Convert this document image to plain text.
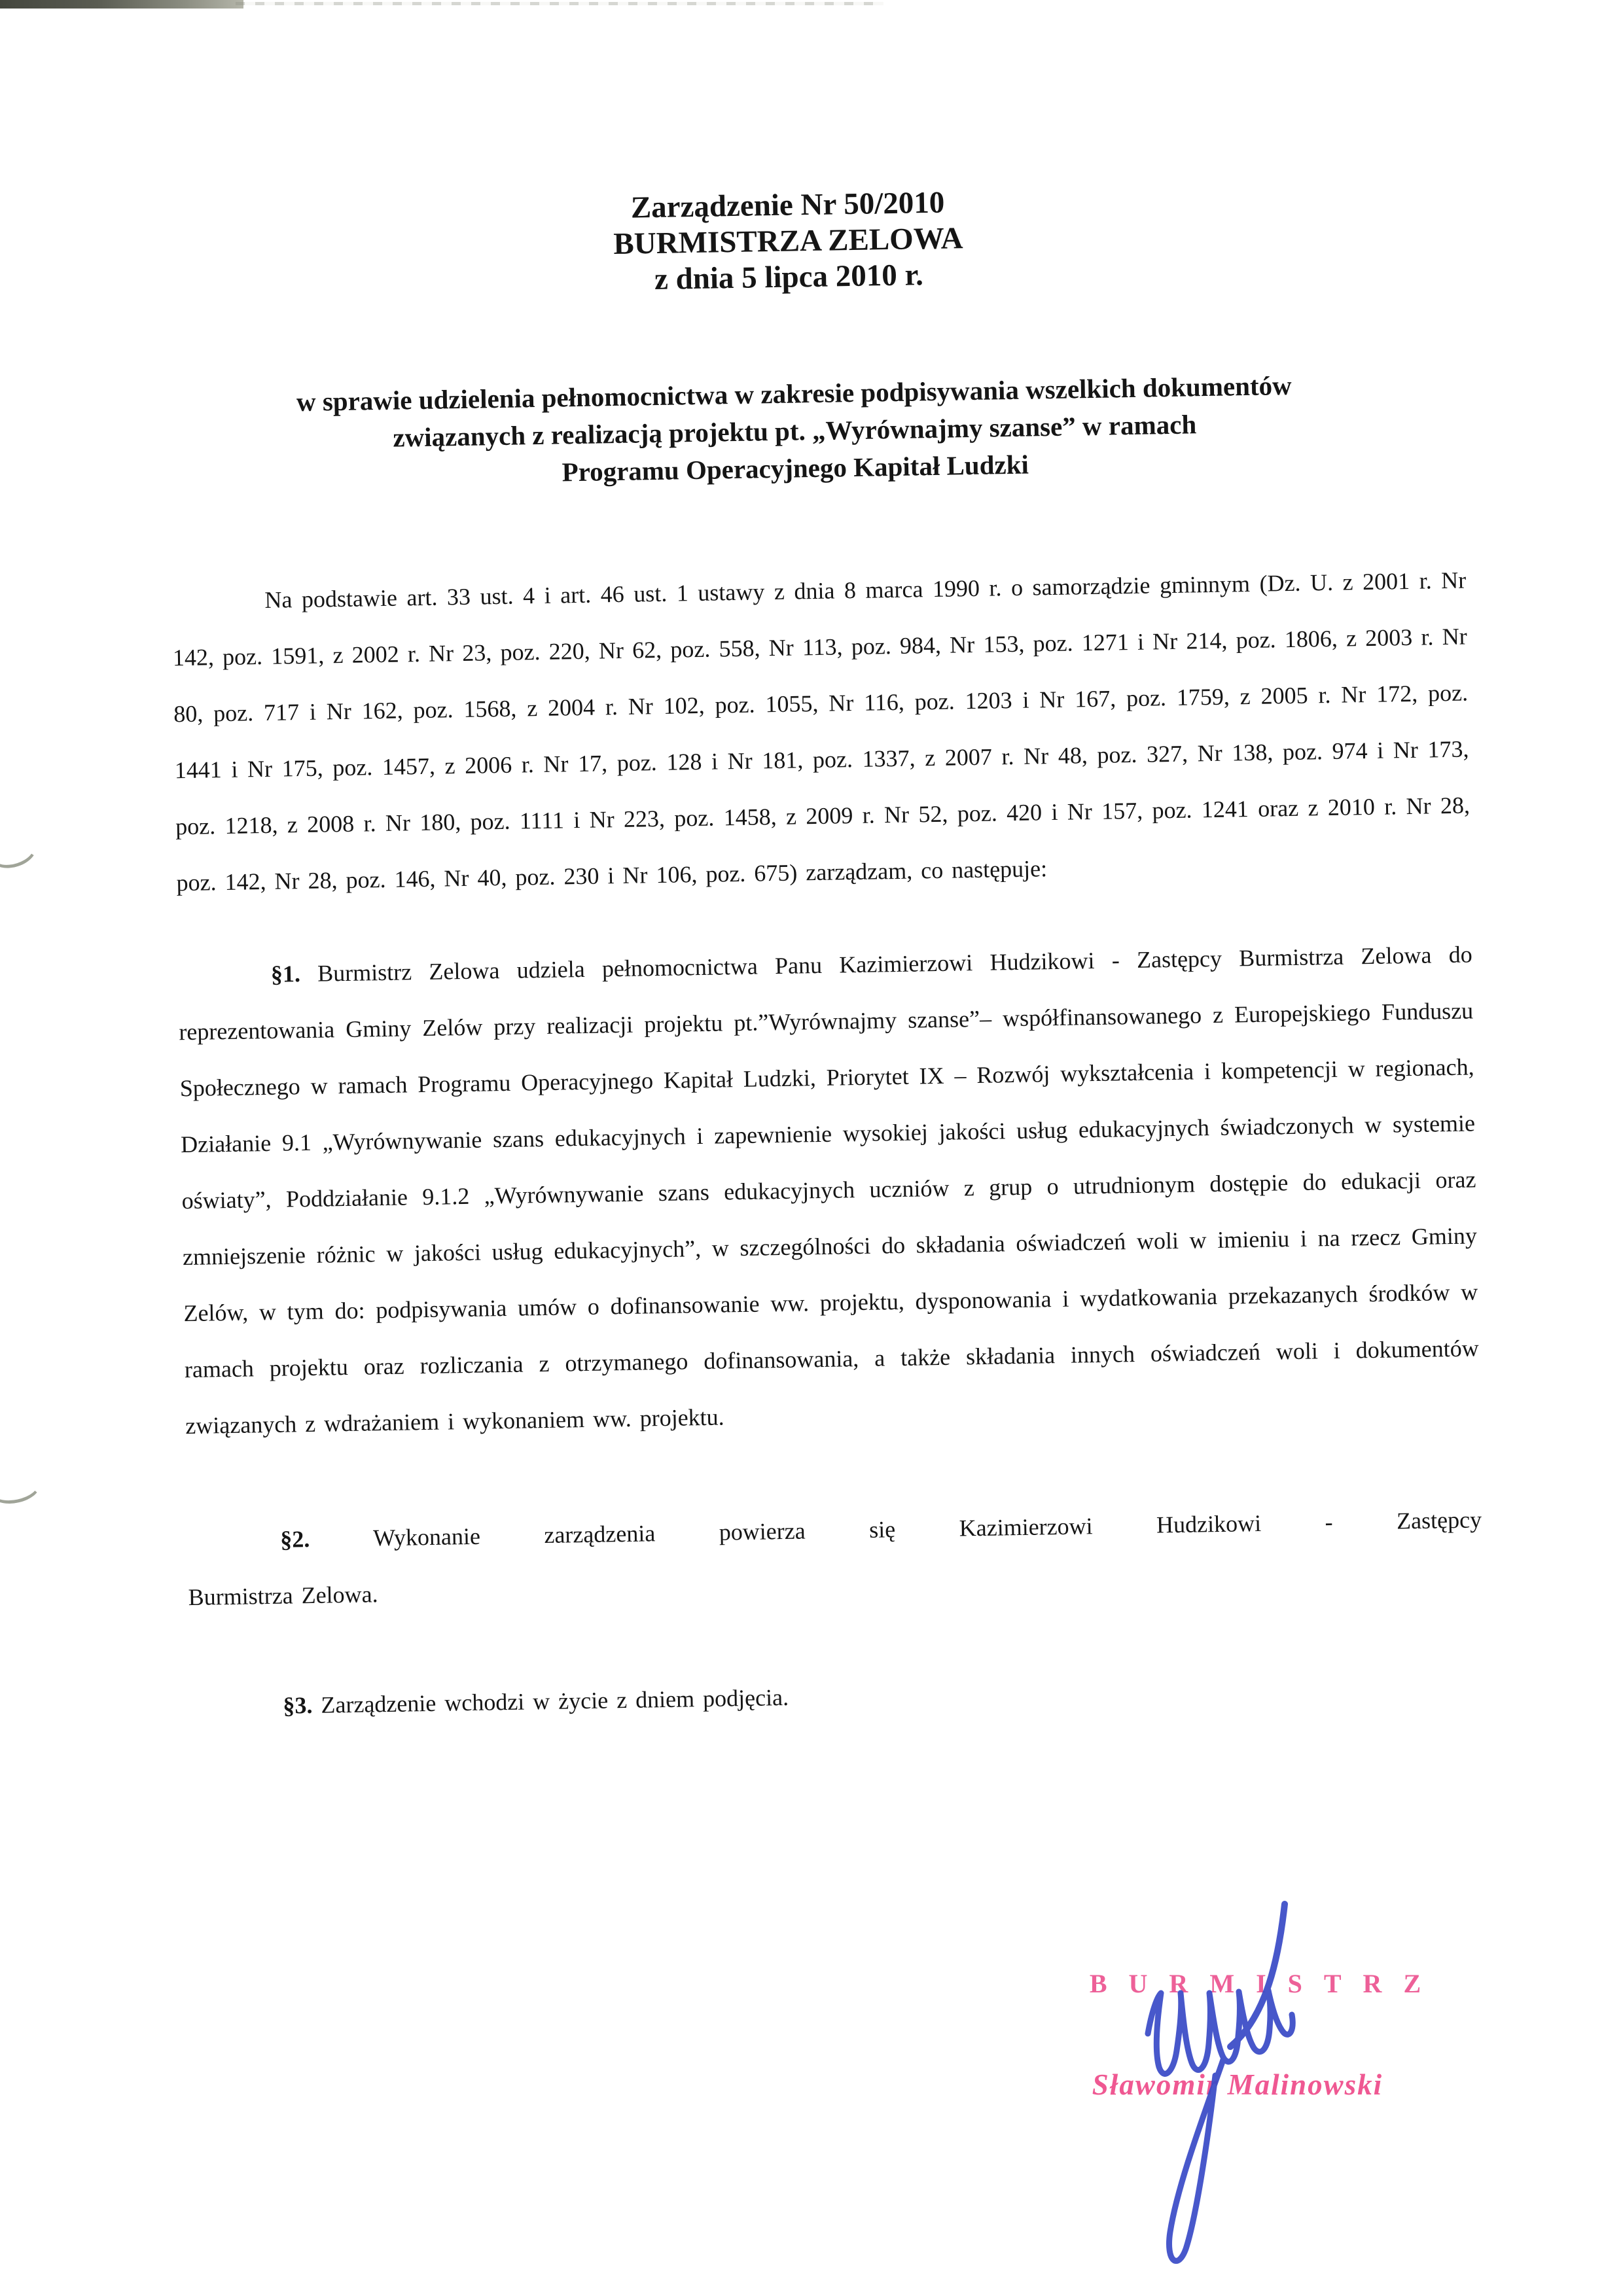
Zarządzenie Nr 50/2010
BURMISTRZA ZELOWA
z dnia 5 lipca 2010 r.
w sprawie udzielenia pełnomocnictwa w zakresie podpisywania wszelkich dokumentów
związanych z realizacją projektu pt. „Wyrównajmy szanse” w ramach
Programu Operacyjnego Kapitał Ludzki

Na podstawie art. 33 ust. 4 i art. 46 ust. 1 ustawy z dnia 8 marca 1990 r. o samorządzie gminnym (Dz. U. z 2001 r. Nr 142, poz. 1591, z 2002 r. Nr 23, poz. 220, Nr 62, poz. 558, Nr 113, poz. 984, Nr 153, poz. 1271 i Nr 214, poz. 1806, z 2003 r. Nr 80, poz. 717 i Nr 162, poz. 1568, z 2004 r. Nr 102, poz. 1055, Nr 116, poz. 1203 i Nr 167, poz. 1759, z 2005 r. Nr 172, poz. 1441 i Nr 175, poz. 1457, z 2006 r. Nr 17, poz. 128 i Nr 181, poz. 1337, z 2007 r. Nr 48, poz. 327, Nr 138, poz. 974 i Nr 173, poz. 1218, z 2008 r. Nr 180, poz. 1111 i Nr 223, poz. 1458, z 2009 r. Nr 52, poz. 420 i Nr 157, poz. 1241 oraz z 2010 r. Nr 28, poz. 142, Nr 28, poz. 146, Nr 40, poz. 230 i Nr 106, poz. 675) zarządzam, co następuje:

§1. Burmistrz Zelowa udziela pełnomocnictwa Panu Kazimierzowi Hudzikowi - Zastępcy Burmistrza Zelowa do reprezentowania Gminy Zelów przy realizacji projektu pt.”Wyrównajmy szanse”– współfinansowanego z Europejskiego Funduszu Społecznego w ramach Programu Operacyjnego Kapitał Ludzki, Priorytet IX – Rozwój wykształcenia i kompetencji w regionach, Działanie 9.1 „Wyrównywanie szans edukacyjnych i zapewnienie wysokiej jakości usług edukacyjnych świadczonych w systemie oświaty”, Poddziałanie 9.1.2 „Wyrównywanie szans edukacyjnych uczniów z grup o utrudnionym dostępie do edukacji oraz zmniejszenie różnic w jakości usług edukacyjnych”, w szczególności do składania oświadczeń woli w imieniu i na rzecz Gminy Zelów, w tym do: podpisywania umów o dofinansowanie ww. projektu, dysponowania i wydatkowania przekazanych środków w ramach projektu oraz rozliczania z otrzymanego dofinansowania, a także składania innych oświadczeń woli i dokumentów związanych z wdrażaniem i wykonaniem ww. projektu.

§2.	Wykonanie zarządzenia powierza się Kazimierzowi Hudzikowi - Zastępcy
Burmistrza Zelowa.

§3. Zarządzenie wchodzi w życie z dniem podjęcia.

BURMISTRZ
Sławomir Malinowski
